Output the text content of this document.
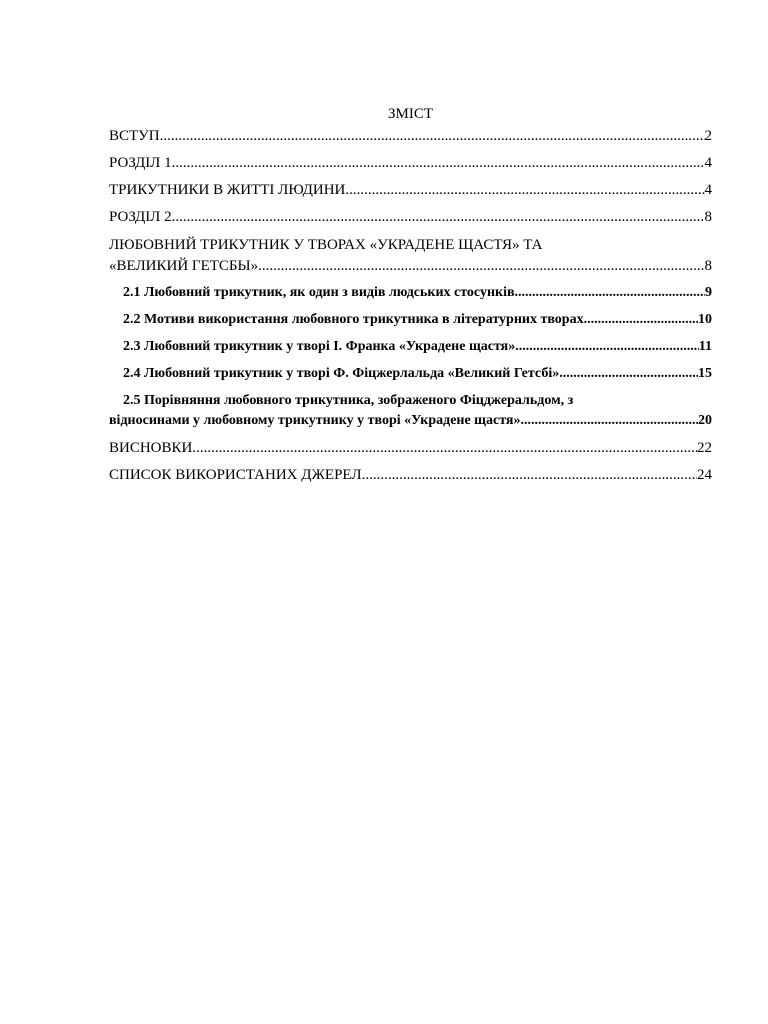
ЗМІСТ
ВСТУП .....	2
РОЗДІЛ 1 .....	4
ТРИКУТНИКИ В ЖИТТІ ЛЮДИНИ .....	4
РОЗДІЛ 2 .....	8
ЛЮБОВНИЙ ТРИКУТНИК У ТВОРАХ «УКРАДЕНЕ ЩАСТЯ» ТА
«ВЕЛИКИЙ ГЕТСБЫ» .....	8
2.1 Любовний трикутник, як один з видів людських стосунків .....	9
2.2 Мотиви використання любовного трикутника в літературних творах .....	10
2.3 Любовний трикутник у творі І. Франка «Украдене щастя» .....	11
2.4 Любовний трикутник у творі Ф. Фіцжерлальда «Великий Гетсбі» .....	15
2.5 Порівняння любовного трикутника, зображеного Фіцджеральдом, з
відносинами у любовному трикутнику у творі «Украдене щастя» .....	20
ВИСНОВКИ .....	22
СПИСОК ВИКОРИСТАНИХ ДЖЕРЕЛ .....	24
